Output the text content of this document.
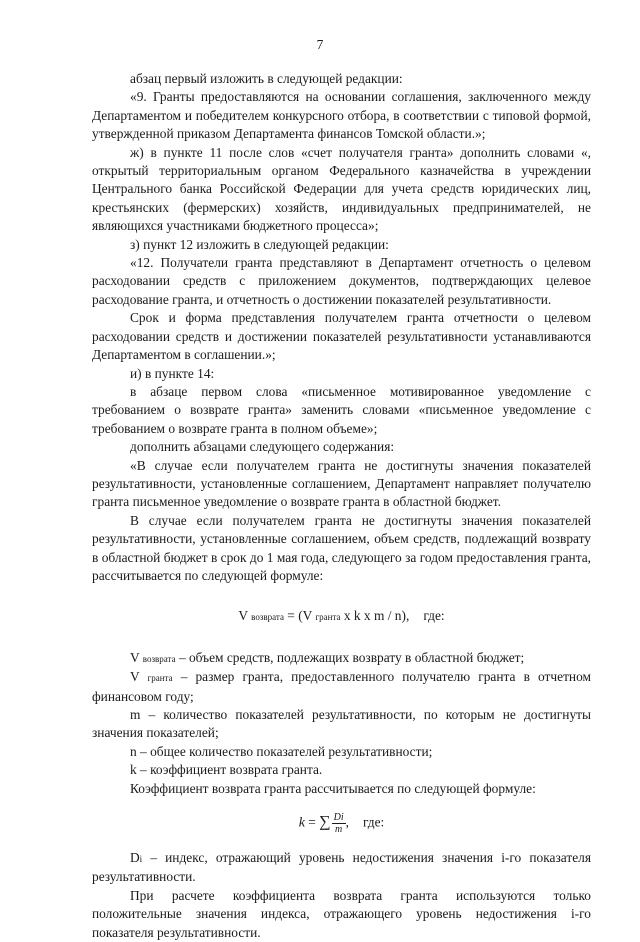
7

абзац первый изложить в следующей редакции:

«9. Гранты предоставляются на основании соглашения, заключенного между Департаментом и победителем конкурсного отбора, в соответствии с типовой формой, утвержденной приказом Департамента финансов Томской области.»;

ж) в пункте 11 после слов «счет получателя гранта» дополнить словами «, открытый территориальным органом Федерального казначейства в учреждении Центрального банка Российской Федерации для учета средств юридических лиц, крестьянских (фермерских) хозяйств, индивидуальных предпринимателей, не являющихся участниками бюджетного процесса»;

з) пункт 12 изложить в следующей редакции:

«12. Получатели гранта представляют в Департамент отчетность о целевом расходовании средств с приложением документов, подтверждающих целевое расходование гранта, и отчетность о достижении показателей результативности.

Срок и форма представления получателем гранта отчетности о целевом расходовании средств и достижении показателей результативности устанавливаются Департаментом в соглашении.»;

и) в пункте 14:

в абзаце первом слова «письменное мотивированное уведомление с требованием о возврате гранта» заменить словами «письменное уведомление с требованием о возврате гранта в полном объеме»;

дополнить абзацами следующего содержания:

«В случае если получателем гранта не достигнуты значения показателей результативности, установленные соглашением, Департамент направляет получателю гранта письменное уведомление о возврате гранта в областной бюджет.

В случае если получателем гранта не достигнуты значения показателей результативности, установленные соглашением, объем средств, подлежащий возврату в областной бюджет в срок до 1 мая года, следующего за годом предоставления гранта, рассчитывается по следующей формуле:

V возврата = (V гранта x k x m / n), где:

V возврата – объем средств, подлежащих возврату в областной бюджет;

V гранта – размер гранта, предоставленного получателю гранта в отчетном финансовом году;

m – количество показателей результативности, по которым не достигнуты значения показателей;

n – общее количество показателей результативности;

k – коэффициент возврата гранта.

Коэффициент возврата гранта рассчитывается по следующей формуле:

k = ∑ $\frac{Di}{m}$ , где:

Di – индекс, отражающий уровень недостижения значения i-го показателя результативности.

При расчете коэффициента возврата гранта используются только положительные значения индекса, отражающего уровень недостижения i-го показателя результативности.
